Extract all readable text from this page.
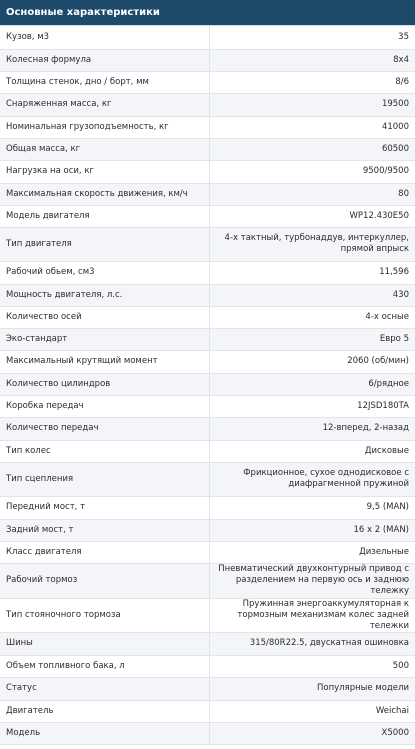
Основные характеристики
Кузов, м3	35
Колесная формула	8х4
Толщина стенок, дно / борт, мм	8/6
Снаряженная масса, кг	19500
Номинальная грузоподъемность, кг	41000
Общая масса, кг	60500
Нагрузка на оси, кг	9500/9500
Максимальная скорость движения, км/ч	80
Модель двигателя	WP12.430E50
Тип двигателя	4-х тактный, турбонаддув, интеркуллер, прямой впрыск
Рабочий обьем, см3	11,596
Мощность двигателя, л.с.	430
Количество осей	4-х осные
Эко-стандарт	Евро 5
Максимальный крутящий момент	2060 (об/мин)
Количество цилиндров	6/рядное
Коробка передач	12JSD180TA
Количество передач	12-вперед, 2-назад
Тип колес	Дисковые
Тип сцепления	Фрикционное, сухое однодисковое с диафрагменной пружиной
Передний мост, т	9,5 (MAN)
Задний мост, т	16 х 2 (MAN)
Класс двигателя	Дизельные
Рабочий тормоз	Пневматический двухконтурный привод с разделением на первую ось и заднюю тележку
Тип стояночного тормоза	Пружинная энергоаккумуляторная к тормозным механизмам колес задней тележки
Шины	315/80R22.5, двускатная ошиновка
Объем топливного бака, л	500
Статус	Популярные модели
Двигатель	Weichai
Модель	X5000
